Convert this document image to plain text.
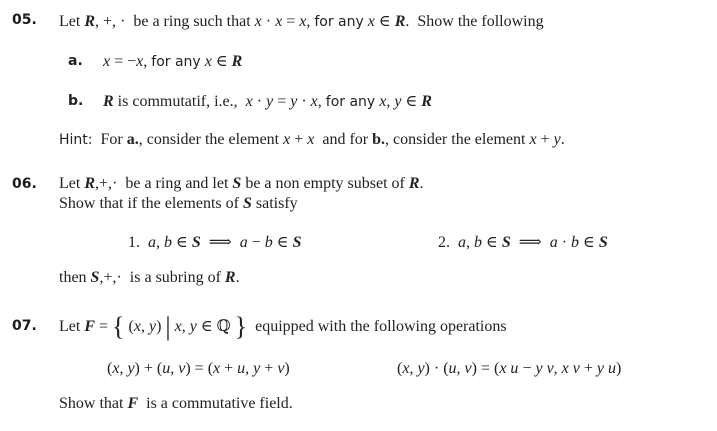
05. Let R, +, ·  be a ring such that x · x = x, for any x ∈ R.  Show the following
a. x = −x, for any x ∈ R
b. R is commutatif, i.e.,  x · y = y · x, for any x, y ∈ R
Hint:  For a., consider the element x + x  and for b., consider the element x + y.
06. Let R,+,·  be a ring and let S be a non empty subset of R.
Show that if the elements of S satisfy
1.  a, b ∈ S  ⟹  a − b ∈ S	2.  a, b ∈ S  ⟹  a · b ∈ S
then S,+,·  is a subring of R.
07. Let F = { (x, y) | x, y ∈ ℚ }  equipped with the following operations
(x, y) + (u, v) = (x + u, y + v)	(x, y) · (u, v) = (x u − y v, x v + y u)
Show that F  is a commutative field.
